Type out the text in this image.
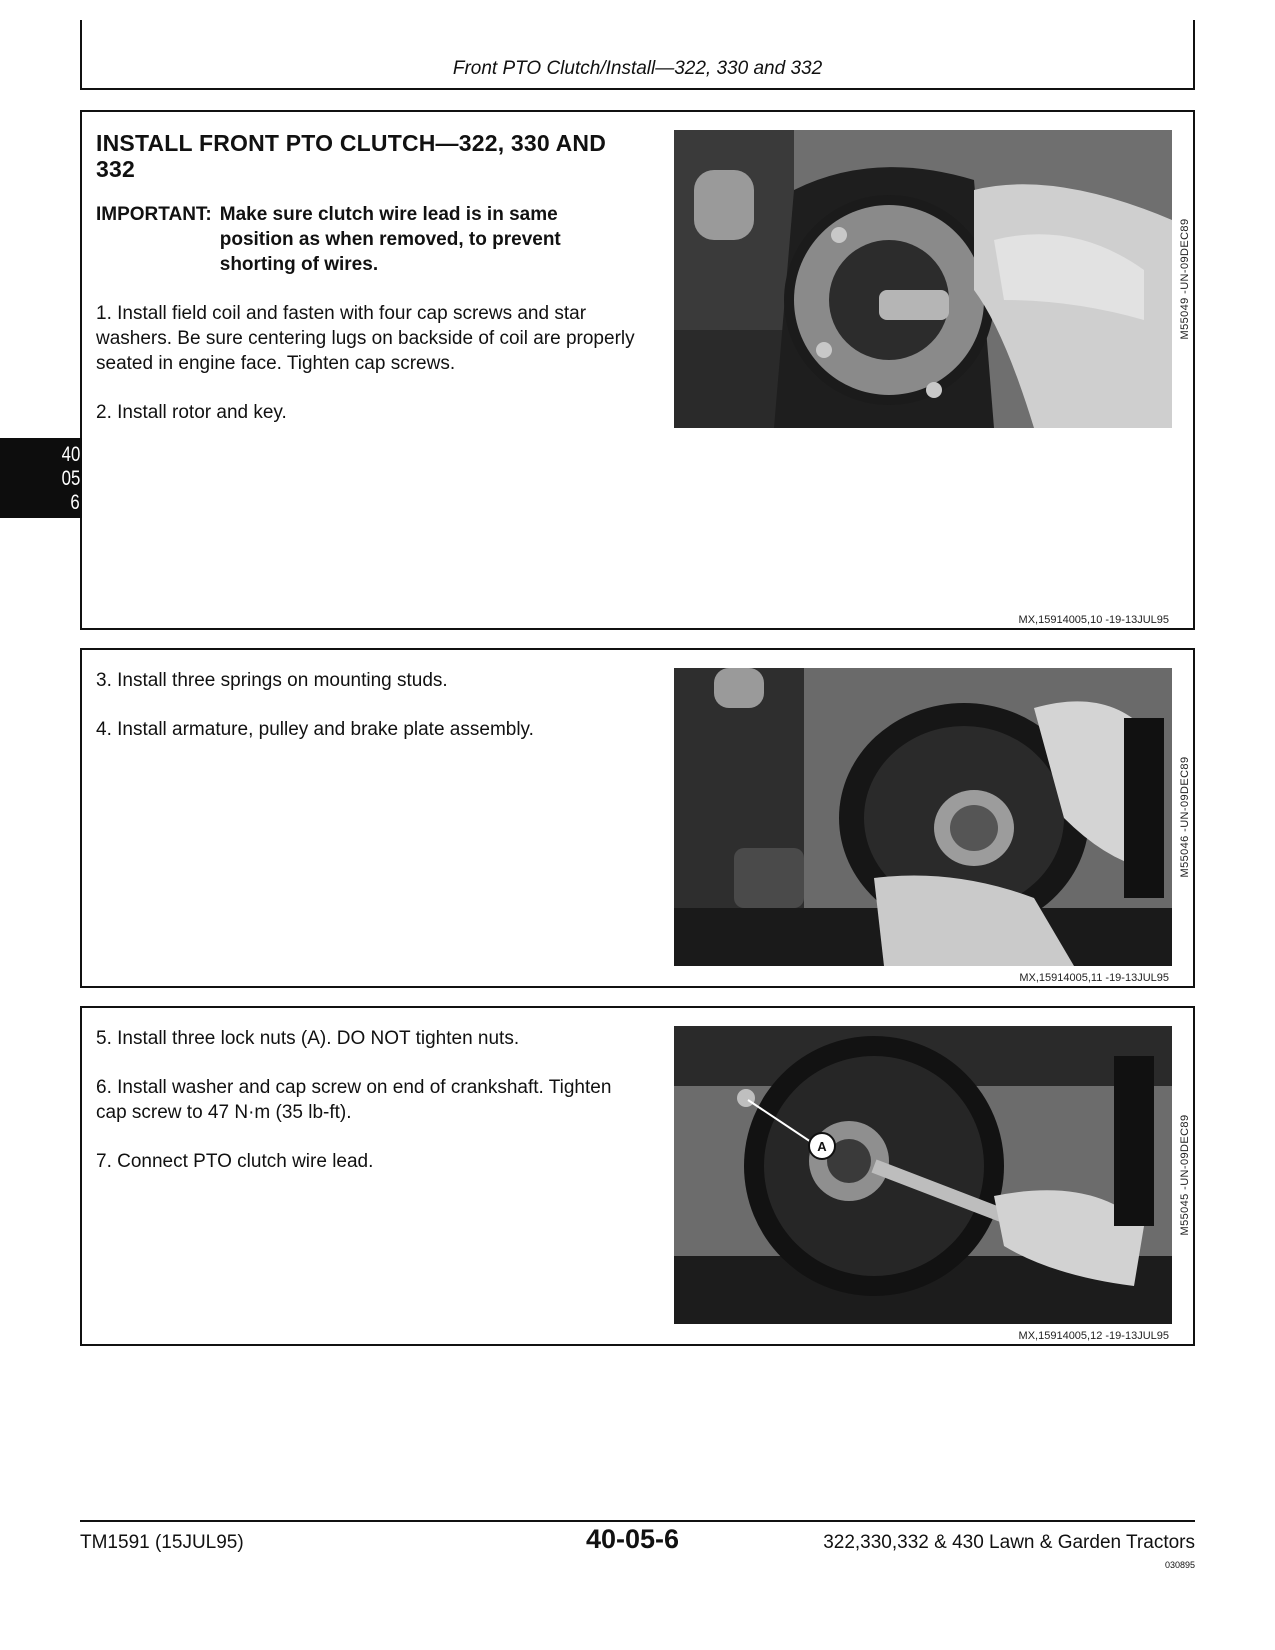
Front PTO Clutch/Install—322, 330 and 332
INSTALL FRONT PTO CLUTCH—322, 330 AND 332
IMPORTANT: Make sure clutch wire lead is in same position as when removed, to prevent shorting of wires.

1. Install field coil and fasten with four cap screws and star washers. Be sure centering lugs on backside of coil are properly seated in engine face. Tighten cap screws.

2. Install rotor and key.

M55049 -UN-09DEC89
MX,15914005,10 -19-13JUL95

3. Install three springs on mounting studs.

4. Install armature, pulley and brake plate assembly.

M55046 -UN-09DEC89
MX,15914005,11 -19-13JUL95

5. Install three lock nuts (A). DO NOT tighten nuts.

6. Install washer and cap screw on end of crankshaft. Tighten cap screw to 47 N·m (35 lb-ft).

7. Connect PTO clutch wire lead.

A	M55045 -UN-09DEC89
MX,15914005,12 -19-13JUL95
40
05
6
TM1591 (15JUL95)	40-05-6	322,330,332 & 430 Lawn & Garden Tractors
030895
